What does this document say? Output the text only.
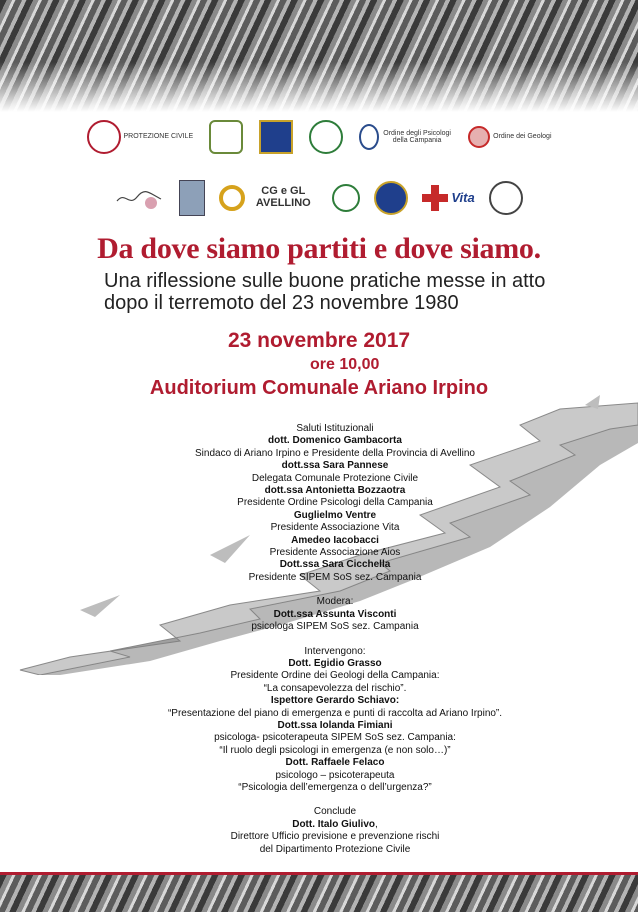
PROTEZIONE CIVILE
Ordine degli Psicologi della Campania
Ordine dei Geologi
CG e GL AVELLINO	Vita
Da dove siamo partiti e dove siamo.
Una riflessione sulle buone pratiche messe in atto dopo il terremoto del 23 novembre 1980
23 novembre 2017
ore 10,00
Auditorium Comunale Ariano Irpino
Saluti Istituzionali
dott. Domenico Gambacorta
Sindaco di Ariano Irpino e Presidente della Provincia di Avellino
dott.ssa Sara Pannese
Delegata Comunale Protezione Civile
dott.ssa Antonietta Bozzaotra
Presidente Ordine Psicologi della Campania
Guglielmo Ventre
Presidente Associazione Vita
Amedeo Iacobacci
Presidente Associazione Aios
Dott.ssa Sara Cicchella
Presidente SIPEM SoS sez. Campania
Modera:
Dott.ssa Assunta Visconti
psicologa SIPEM SoS sez. Campania
Intervengono:
Dott. Egidio Grasso
Presidente Ordine dei Geologi della Campania:
“La consapevolezza del rischio”.
Ispettore Gerardo Schiavo:
“Presentazione del piano di emergenza e punti di raccolta ad Ariano Irpino”.
Dott.ssa Iolanda Fimiani
psicologa- psicoterapeuta SIPEM SoS sez. Campania:
“Il ruolo degli psicologi in emergenza (e non solo…)”
Dott. Raffaele Felaco
psicologo – psicoterapeuta
“Psicologia dell’emergenza o dell’urgenza?”
Conclude
Dott. Italo Giulivo,
Direttore Ufficio previsione e prevenzione rischi
del Dipartimento Protezione Civile
